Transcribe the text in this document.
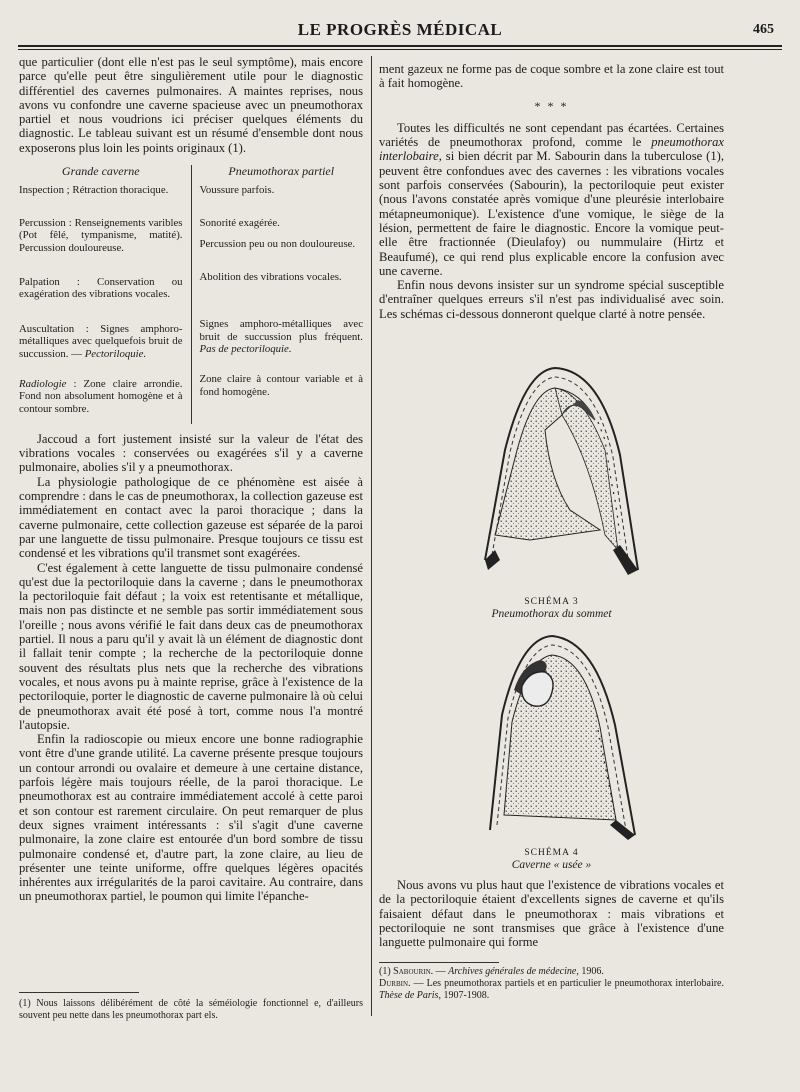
LE PROGRÈS MÉDICAL	465

que particulier (dont elle n'est pas le seul symptôme), mais encore parce qu'elle peut être singulièrement utile pour le diagnostic différentiel des cavernes pulmonaires. A maintes reprises, nous avons vu confondre une caverne spacieuse avec un pneumothorax partiel et nous voudrions ici préciser quelques éléments du diagnostic. Le tableau suivant est un résumé d'ensemble dont nous exposerons plus loin les points originaux (1).

Grande caverne
Inspection ; Rétraction thoracique.
Percussion : Renseignements varibles (Pot fêlé, tympanisme, matité). Percussion douloureuse.
Palpation : Conservation ou exagération des vibrations vocales.
Auscultation : Signes amphoro-métalliques avec quelquefois bruit de succussion. — Pectoriloquie.
Radiologie : Zone claire arrondie. Fond non absolument homogène et à contour sombre.
Pneumothorax partiel
Voussure parfois.
Sonorité exagérée.
Percussion peu ou non douloureuse.
Abolition des vibrations vocales.
Signes amphoro-métalliques avec bruit de succussion plus fréquent. Pas de pectoriloquie.
Zone claire à contour variable et à fond homogène.

Jaccoud a fort justement insisté sur la valeur de l'état des vibrations vocales : conservées ou exagérées s'il y a caverne pulmonaire, abolies s'il y a pneumothorax.

La physiologie pathologique de ce phénomène est aisée à comprendre : dans le cas de pneumothorax, la collection gazeuse est immédiatement en contact avec la paroi thoracique ; dans la caverne pulmonaire, cette collection gazeuse est séparée de la paroi par une languette de tissu pulmonaire. Presque toujours ce tissu est condensé et les vibrations qu'il transmet sont exagérées.

C'est également à cette languette de tissu pulmonaire condensé qu'est due la pectoriloquie dans la caverne ; dans le pneumothorax la pectoriloquie fait défaut ; la voix est retentisante et métallique, mais non pas distincte et ne semble pas sortir immédiatement sous l'oreille ; nous avons vérifié le fait dans deux cas de pneumothorax partiel. Il nous a paru qu'il y avait là un élément de diagnostic dont il fallait tenir compte ; la recherche de la pectoriloquie donne souvent des résultats plus nets que la recherche des vibrations vocales, et nous avons pu à mainte reprise, grâce à l'existence de la pectoriloquie, porter le diagnostic de caverne pulmonaire là où celui de pneumothorax avait été posé à tort, comme nous l'a montré l'autopsie.

Enfin la radioscopie ou mieux encore une bonne radiographie vont être d'une grande utilité. La caverne présente presque toujours un contour arrondi ou ovalaire et demeure à une certaine distance, parfois légère mais toujours réelle, de la paroi thoracique. Le pneumothorax est au contraire immédiatement accolé à cette paroi et son contour est rarement circulaire. On peut remarquer de plus deux signes vraiment intéressants : s'il s'agit d'une caverne pulmonaire, la zone claire est entourée d'un bord sombre de tissu pulmonaire condensé et, d'autre part, la zone claire, au lieu de présenter une teinte uniforme, offre quelques légères opacités inhérentes aux irrégularités de la paroi cavitaire. Au contraire, dans un pneumothorax partiel, le poumon qui limite l'épanche-

(1) Nous laissons délibérément de côté la séméiologie fonctionnel e, d'ailleurs souvent peu nette dans les pneumothorax part els.

ment gazeux ne forme pas de coque sombre et la zone claire est tout à fait homogène.

* * *

Toutes les difficultés ne sont cependant pas écartées. Certaines variétés de pneumothorax profond, comme le pneumothorax interlobaire, si bien décrit par M. Sabourin dans la tuberculose (1), peuvent être confondues avec des cavernes : les vibrations vocales sont parfois conservées (Sabourin), la pectoriloquie peut exister (nous l'avons constatée après vomique d'une pleurésie interlobaire métapneumonique). L'existence d'une vomique, le siège de la lésion, permettent de faire le diagnostic. Encore la vomique peut-elle être fractionnée (Dieulafoy) ou nummulaire (Hirtz et Beaufumé), ce qui rend plus explicable encore la confusion avec une caverne.

Enfin nous devons insister sur un syndrome spécial susceptible d'entraîner quelques erreurs s'il n'est pas individualisé avec soin. Les schémas ci-dessous donneront quelque clarté à notre pensée.

SCHÉMA 3
Pneumothorax du sommet
SCHÉMA 4
Caverne « usée »

Nous avons vu plus haut que l'existence de vibrations vocales et de la pectoriloquie étaient d'excellents signes de caverne et qu'ils faisaient défaut dans le pneumothorax : mais vibrations et pectoriloquie ne sont transmises que grâce à l'existence d'une languette pulmonaire qui forme

(1) Sabourin. — Archives générales de médecine, 1906.
Durbin. — Les pneumothorax partiels et en particulier le pneumothorax interlobaire. Thèse de Paris, 1907-1908.
